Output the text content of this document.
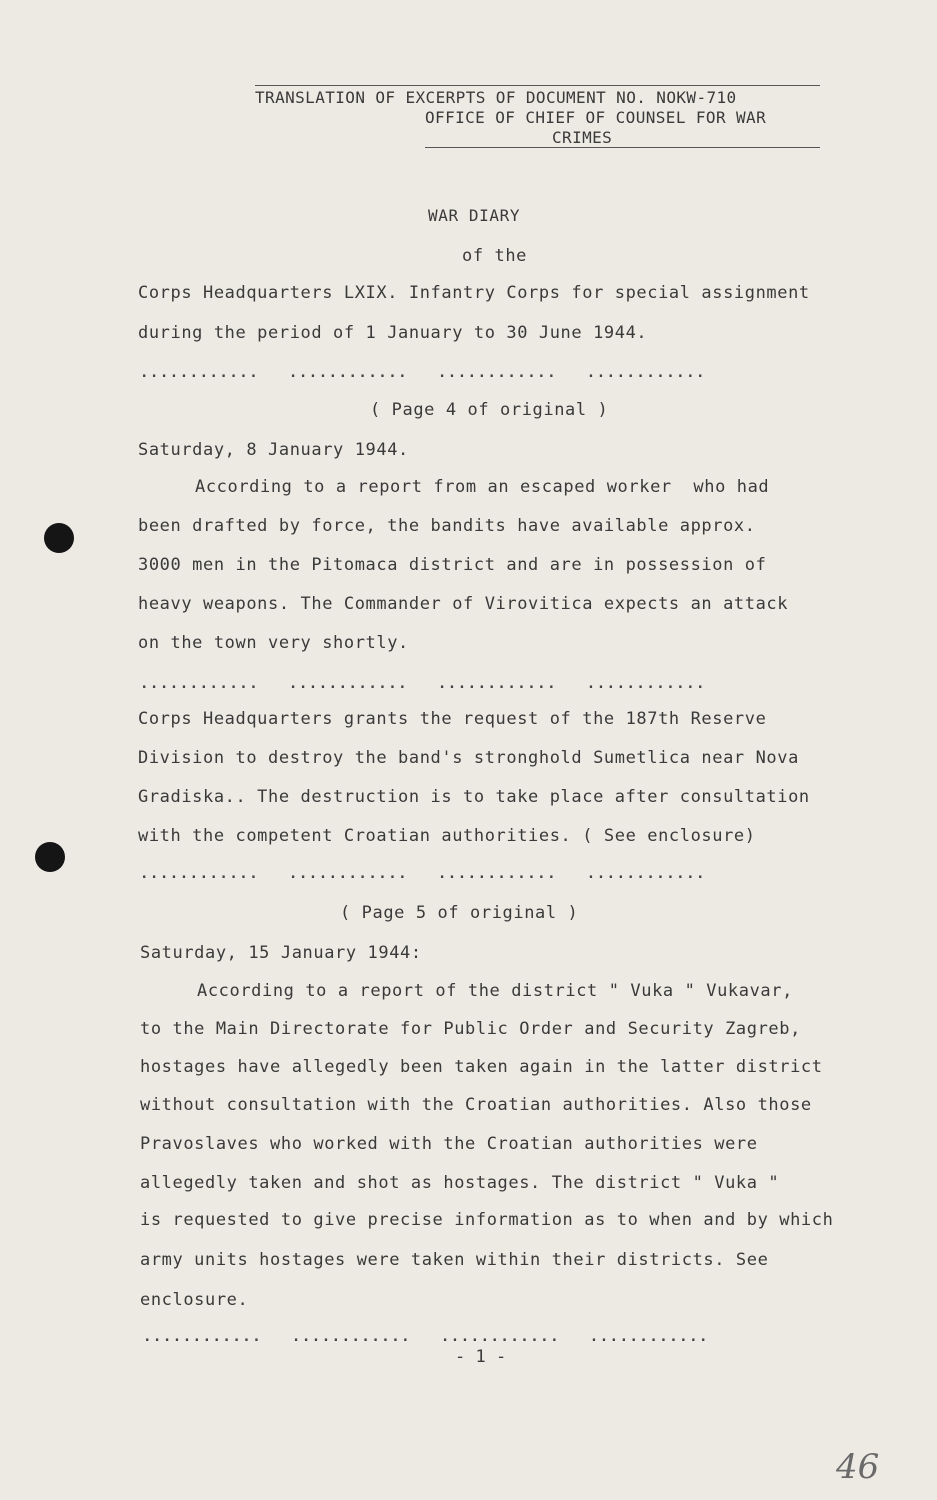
TRANSLATION OF EXCERPTS OF DOCUMENT NO. NOKW-710
OFFICE OF CHIEF OF COUNSEL FOR WAR
CRIMES
WAR DIARY
of the
Corps Headquarters LXIX. Infantry Corps for special assignment
during the period of 1 January to 30 June 1944.
............   ............   ............   ............
( Page 4 of original )
Saturday, 8 January 1944.
According to a report from an escaped worker  who had
been drafted by force, the bandits have available approx.
3000 men in the Pitomaca district and are in possession of
heavy weapons. The Commander of Virovitica expects an attack
on the town very shortly.
............   ............   ............   ............
Corps Headquarters grants the request of the 187th Reserve
Division to destroy the band's stronghold Sumetlica near Nova
Gradiska.. The destruction is to take place after consultation
with the competent Croatian authorities. ( See enclosure)
............   ............   ............   ............
( Page 5 of original )
Saturday, 15 January 1944:
According to a report of the district " Vuka " Vukavar,
to the Main Directorate for Public Order and Security Zagreb,
hostages have allegedly been taken again in the latter district
without consultation with the Croatian authorities. Also those
Pravoslaves who worked with the Croatian authorities were
allegedly taken and shot as hostages. The district " Vuka "
is requested to give precise information as to when and by which
army units hostages were taken within their districts. See
enclosure.
............   ............   ............   ............
- 1 -
46
